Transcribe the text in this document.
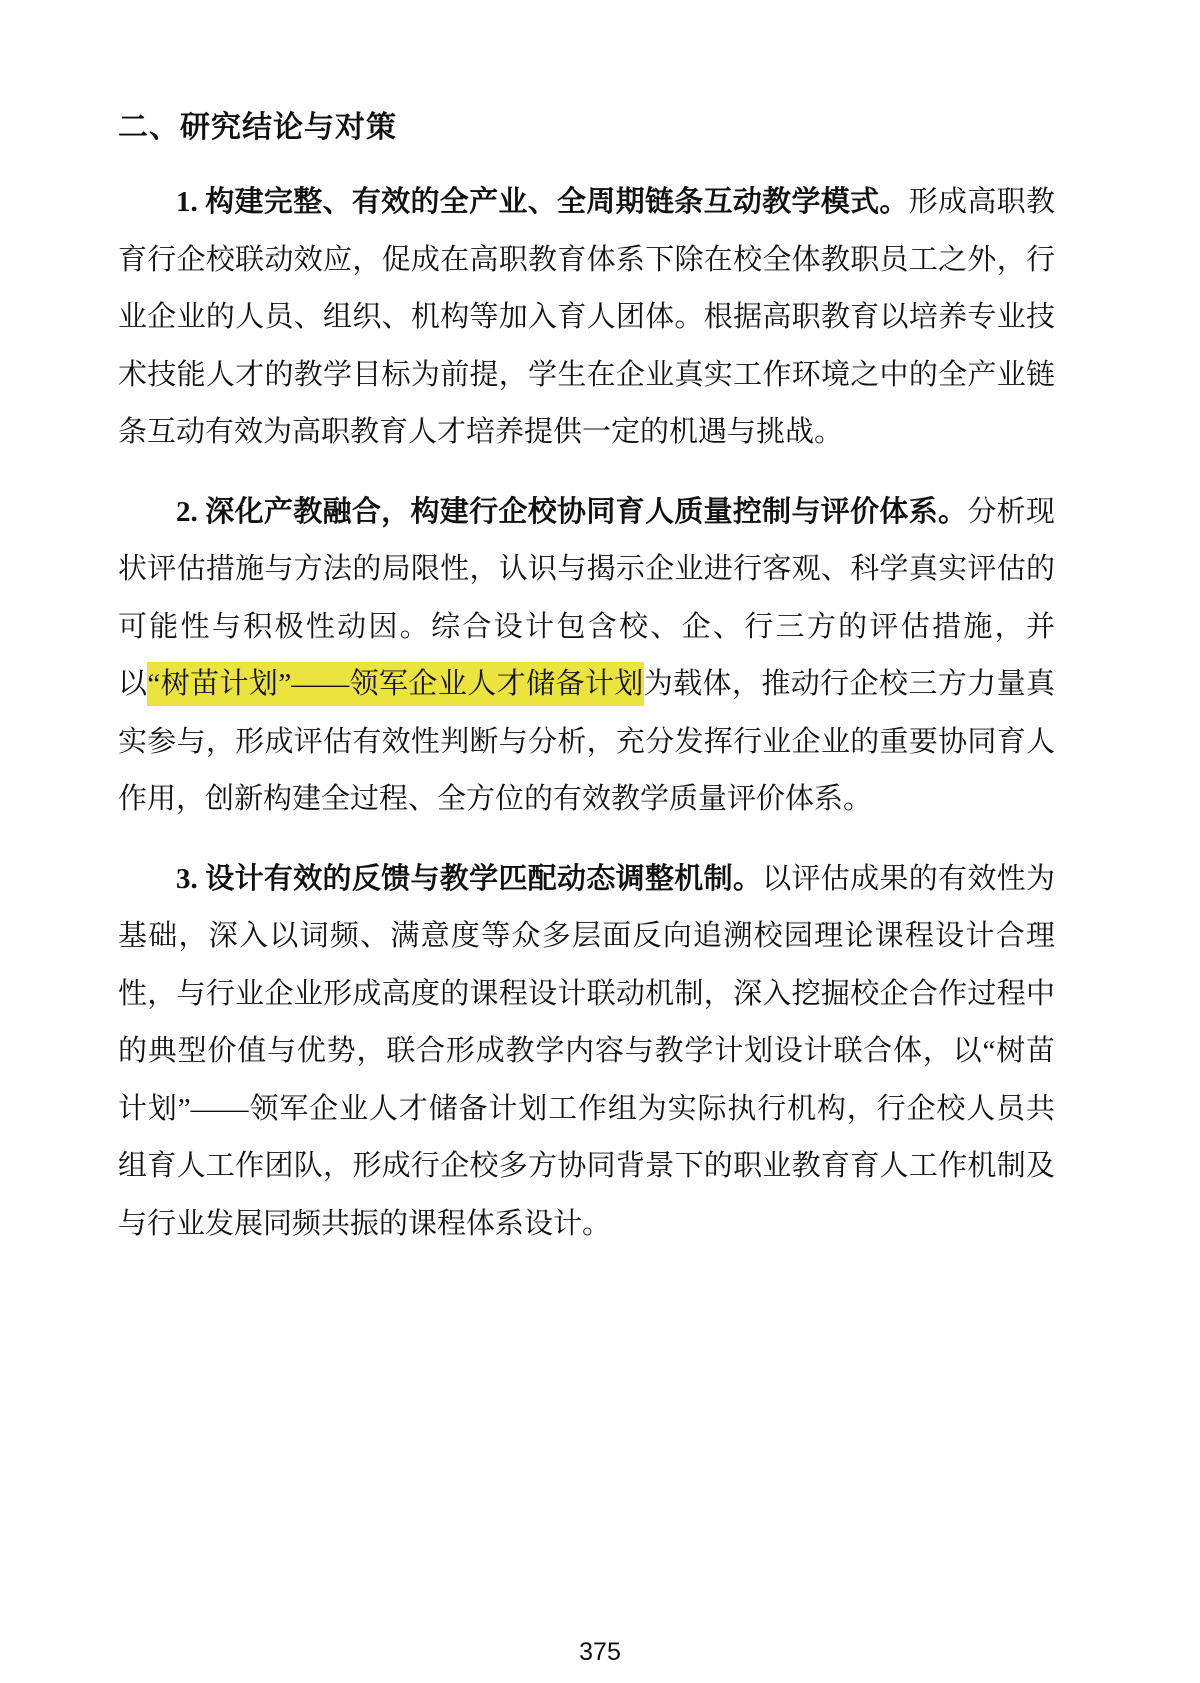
二、研究结论与对策

1. 构建完整、有效的全产业、全周期链条互动教学模式。形成高职教育行企校联动效应，促成在高职教育体系下除在校全体教职员工之外，行业企业的人员、组织、机构等加入育人团体。根据高职教育以培养专业技术技能人才的教学目标为前提，学生在企业真实工作环境之中的全产业链条互动有效为高职教育人才培养提供一定的机遇与挑战。

2. 深化产教融合，构建行企校协同育人质量控制与评价体系。分析现状评估措施与方法的局限性，认识与揭示企业进行客观、科学真实评估的可能性与积极性动因。综合设计包含校、企、行三方的评估措施，并以“树苗计划”——领军企业人才储备计划为载体，推动行企校三方力量真实参与，形成评估有效性判断与分析，充分发挥行业企业的重要协同育人作用，创新构建全过程、全方位的有效教学质量评价体系。

3. 设计有效的反馈与教学匹配动态调整机制。以评估成果的有效性为基础，深入以词频、满意度等众多层面反向追溯校园理论课程设计合理性，与行业企业形成高度的课程设计联动机制，深入挖掘校企合作过程中的典型价值与优势，联合形成教学内容与教学计划设计联合体，以“树苗计划”——领军企业人才储备计划工作组为实际执行机构，行企校人员共组育人工作团队，形成行企校多方协同背景下的职业教育育人工作机制及与行业发展同频共振的课程体系设计。

375
